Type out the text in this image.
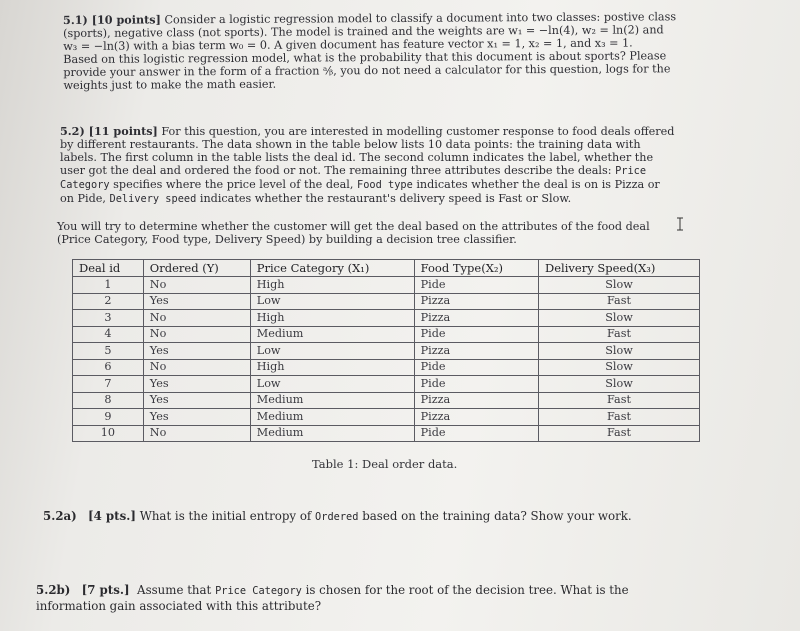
5.1) [10 points] Consider a logistic regression model to classify a document into two classes: postive class

(sports), negative class (not sports). The model is trained and the weights are w₁ = −ln(4), w₂ = ln(2) and

w₃ = −ln(3) with a bias term w₀ = 0. A given document has feature vector x₁ = 1, x₂ = 1, and x₃ = 1.

Based on this logistic regression model, what is the probability that this document is about sports? Please

provide your answer in the form of a fraction ᵃ⁄ᵦ, you do not need a calculator for this question, logs for the

weights just to make the math easier.

5.2) [11 points] For this question, you are interested in modelling customer response to food deals offered

by different restaurants. The data shown in the table below lists 10 data points: the training data with

labels. The first column in the table lists the deal id. The second column indicates the label, whether the

user got the deal and ordered the food or not. The remaining three attributes describe the deals: Price

Category specifies where the price level of the deal, Food type indicates whether the deal is on is Pizza or

on Pide, Delivery speed indicates whether the restaurant's delivery speed is Fast or Slow.

You will try to determine whether the customer will get the deal based on the attributes of the food deal

(Price Category, Food type, Delivery Speed) by building a decision tree classifier.

Deal id	Ordered (Y)	Price Category (X₁)	Food Type(X₂)	Delivery Speed(X₃)
1	No	High	Pide	Slow
2	Yes	Low	Pizza	Fast
3	No	High	Pizza	Slow
4	No	Medium	Pide	Fast
5	Yes	Low	Pizza	Slow
6	No	High	Pide	Slow
7	Yes	Low	Pide	Slow
8	Yes	Medium	Pizza	Fast
9	Yes	Medium	Pizza	Fast
10	No	Medium	Pide	Fast
Table 1: Deal order data.
5.2a) [4 pts.] What is the initial entropy of Ordered based on the training data? Show your work.
5.2b) [7 pts.] Assume that Price Category is chosen for the root of the decision tree. What is the
information gain associated with this attribute?
